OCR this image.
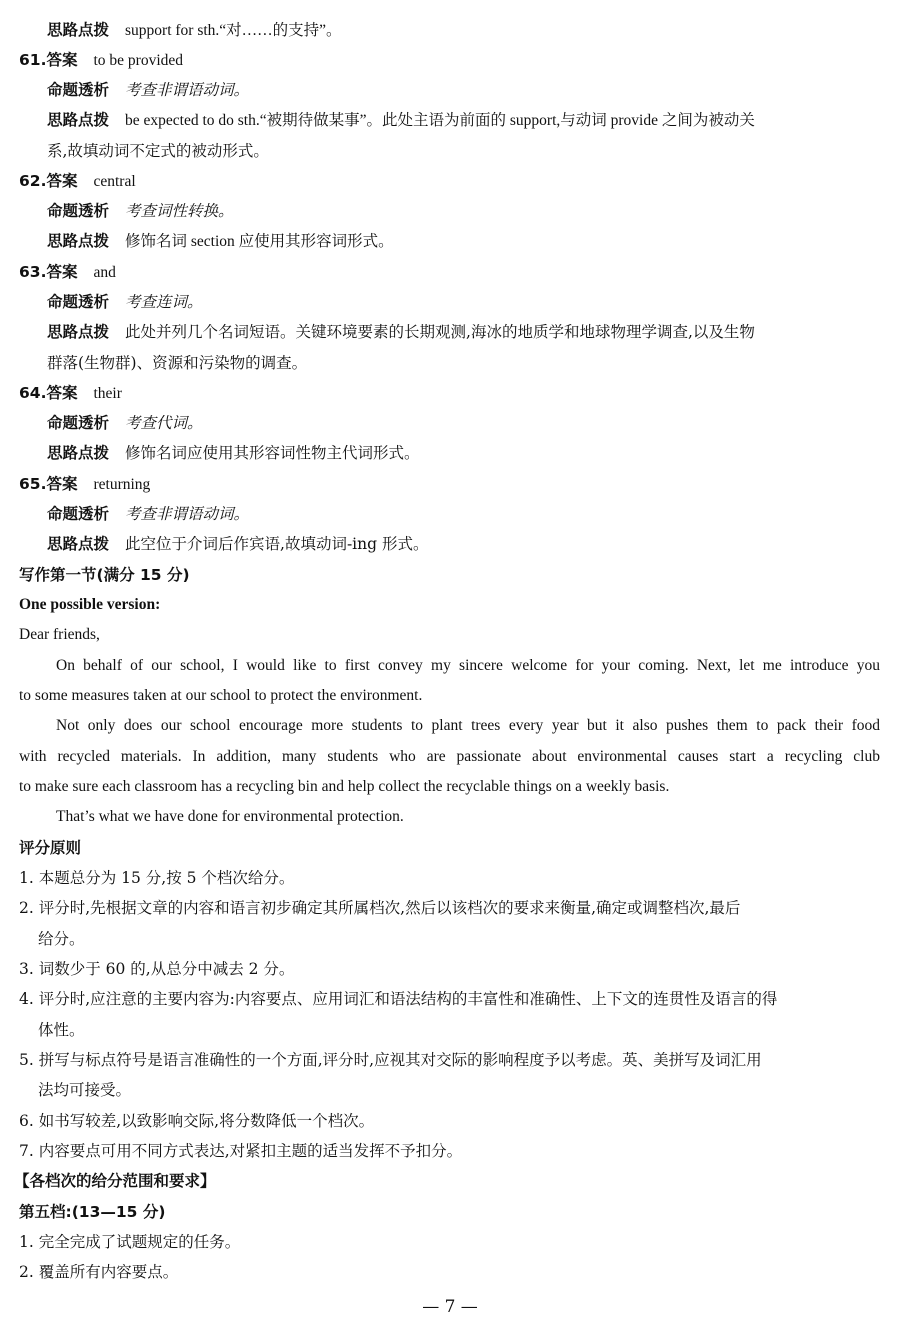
思路点拨 support for sth.“对……的支持”。
61.答案 to be provided
命题透析 考查非谓语动词。
思路点拨 be expected to do sth.“被期待做某事”。此处主语为前面的 support,与动词 provide 之间为被动关
系,故填动词不定式的被动形式。
62.答案 central
命题透析 考查词性转换。
思路点拨 修饰名词 section 应使用其形容词形式。
63.答案 and
命题透析 考查连词。
思路点拨 此处并列几个名词短语。关键环境要素的长期观测,海冰的地质学和地球物理学调查,以及生物
群落(生物群)、资源和污染物的调查。
64.答案 their
命题透析 考查代词。
思路点拨 修饰名词应使用其形容词性物主代词形式。
65.答案 returning
命题透析 考查非谓语动词。
思路点拨 此空位于介词后作宾语,故填动词-ing 形式。
写作第一节(满分 15 分)
One possible version:
Dear friends,
On behalf of our school, I would like to first convey my sincere welcome for your coming. Next, let me introduce you
to some measures taken at our school to protect the environment.
Not only does our school encourage more students to plant trees every year but it also pushes them to pack their food
with recycled materials. In addition, many students who are passionate about environmental causes start a recycling club
to make sure each classroom has a recycling bin and help collect the recyclable things on a weekly basis.
That’s what we have done for environmental protection.
评分原则
1. 本题总分为 15 分,按 5 个档次给分。
2. 评分时,先根据文章的内容和语言初步确定其所属档次,然后以该档次的要求来衡量,确定或调整档次,最后
给分。
3. 词数少于 60 的,从总分中减去 2 分。
4. 评分时,应注意的主要内容为:内容要点、应用词汇和语法结构的丰富性和准确性、上下文的连贯性及语言的得
体性。
5. 拼写与标点符号是语言准确性的一个方面,评分时,应视其对交际的影响程度予以考虑。英、美拼写及词汇用
法均可接受。
6. 如书写较差,以致影响交际,将分数降低一个档次。
7. 内容要点可用不同方式表达,对紧扣主题的适当发挥不予扣分。
【各档次的给分范围和要求】
第五档:(13—15 分)
1. 完全完成了试题规定的任务。
2. 覆盖所有内容要点。
— 7 —
